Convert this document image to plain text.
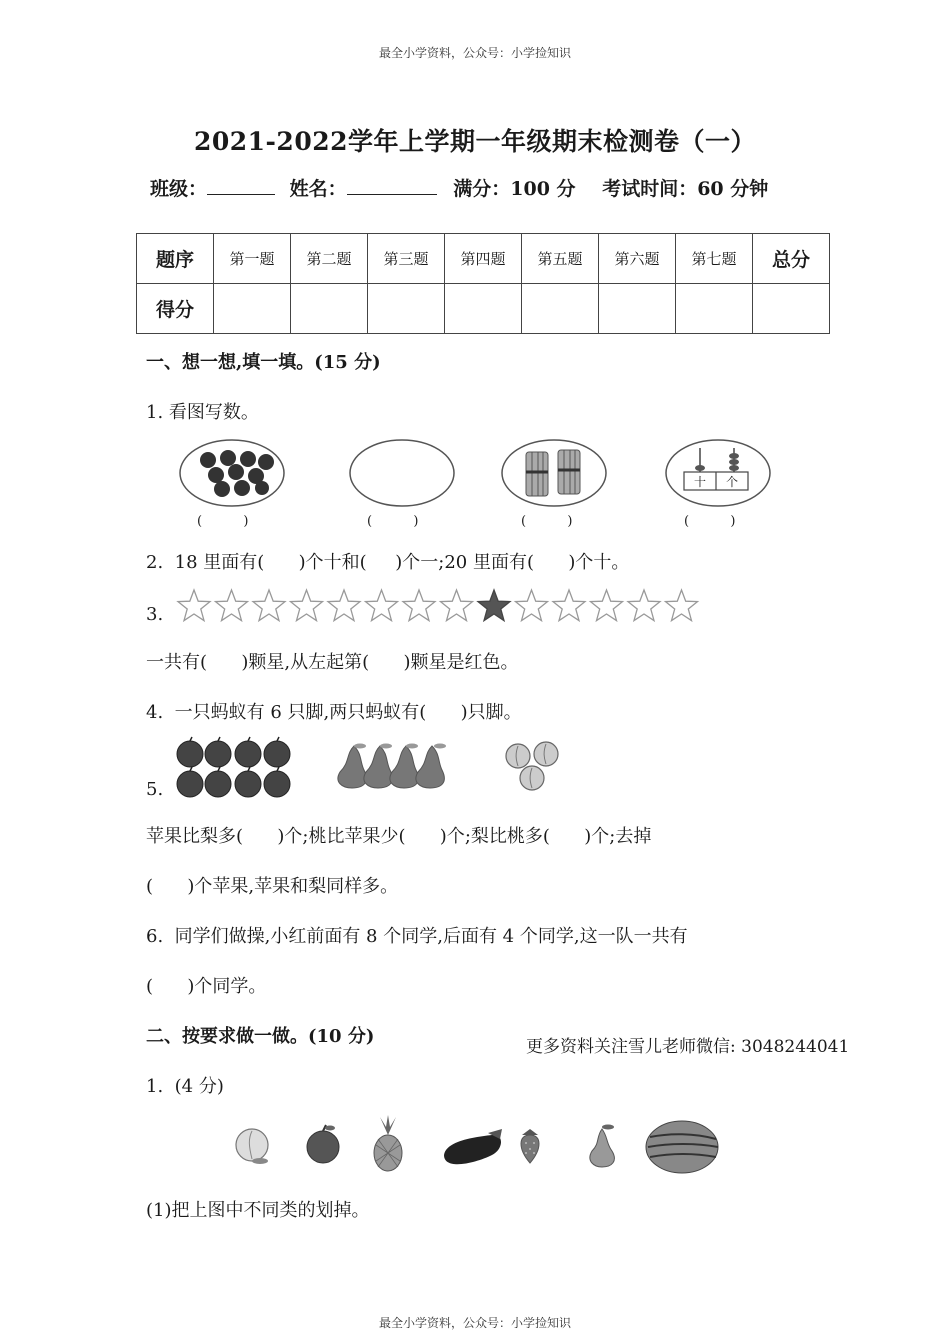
最全小学资料，公众号：小学捡知识
最全小学资料，公众号：小学捡知识
2021-2022学年上学期一年级期末检测卷（一）
班级：	姓名：	满分：100 分 考试时间：60 分钟
题序	第一题	第二题	第三题	第四题	第五题	第六题	第七题	总分
得分								
一、想一想,填一填。(15 分)
1. 看图写数。
十	个
(          )	(          )	(          )	(          )
2.  18 里面有(      )个十和(     )个一;20 里面有(      )个十。
3.
一共有(      )颗星,从左起第(      )颗星是红色。
4.  一只蚂蚁有 6 只脚,两只蚂蚁有(      )只脚。
5.
苹果比梨多(      )个;桃比苹果少(      )个;梨比桃多(      )个;去掉
(      )个苹果,苹果和梨同样多。
6.  同学们做操,小红前面有 8 个同学,后面有 4 个同学,这一队一共有
(      )个同学。
二、按要求做一做。(10 分)	更多资料关注雪儿老师微信: 3048244041
1.  (4 分)
(1)把上图中不同类的划掉。
